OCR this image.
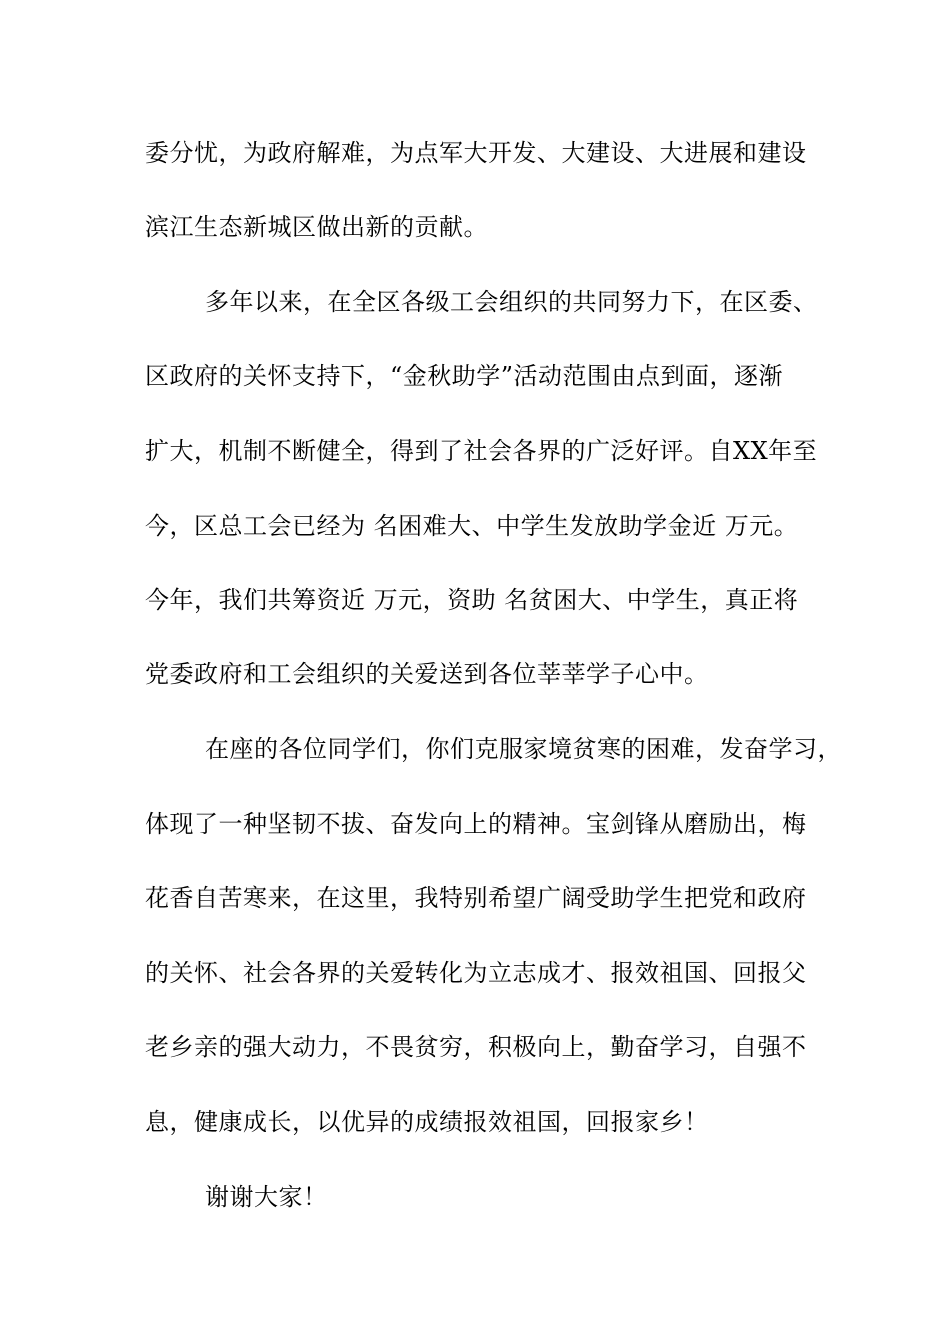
委分忧，为政府解难，为点军大开发、大建设、大进展和建设
滨江生态新城区做出新的贡献。
多年以来，在全区各级工会组织的共同努力下，在区委、
区政府的关怀支持下，“金秋助学”活动范围由点到面，逐渐
扩大，机制不断健全，得到了社会各界的广泛好评。自XX年至
今，区总工会已经为 名困难大、中学生发放助学金近 万元。
今年，我们共筹资近 万元，资助 名贫困大、中学生，真正将
党委政府和工会组织的关爱送到各位莘莘学子心中。
在座的各位同学们，你们克服家境贫寒的困难，发奋学习，
体现了一种坚韧不拔、奋发向上的精神。宝剑锋从磨励出，梅
花香自苦寒来，在这里，我特别希望广阔受助学生把党和政府
的关怀、社会各界的关爱转化为立志成才、报效祖国、回报父
老乡亲的强大动力，不畏贫穷，积极向上，勤奋学习，自强不
息，健康成长，以优异的成绩报效祖国，回报家乡！
谢谢大家！
